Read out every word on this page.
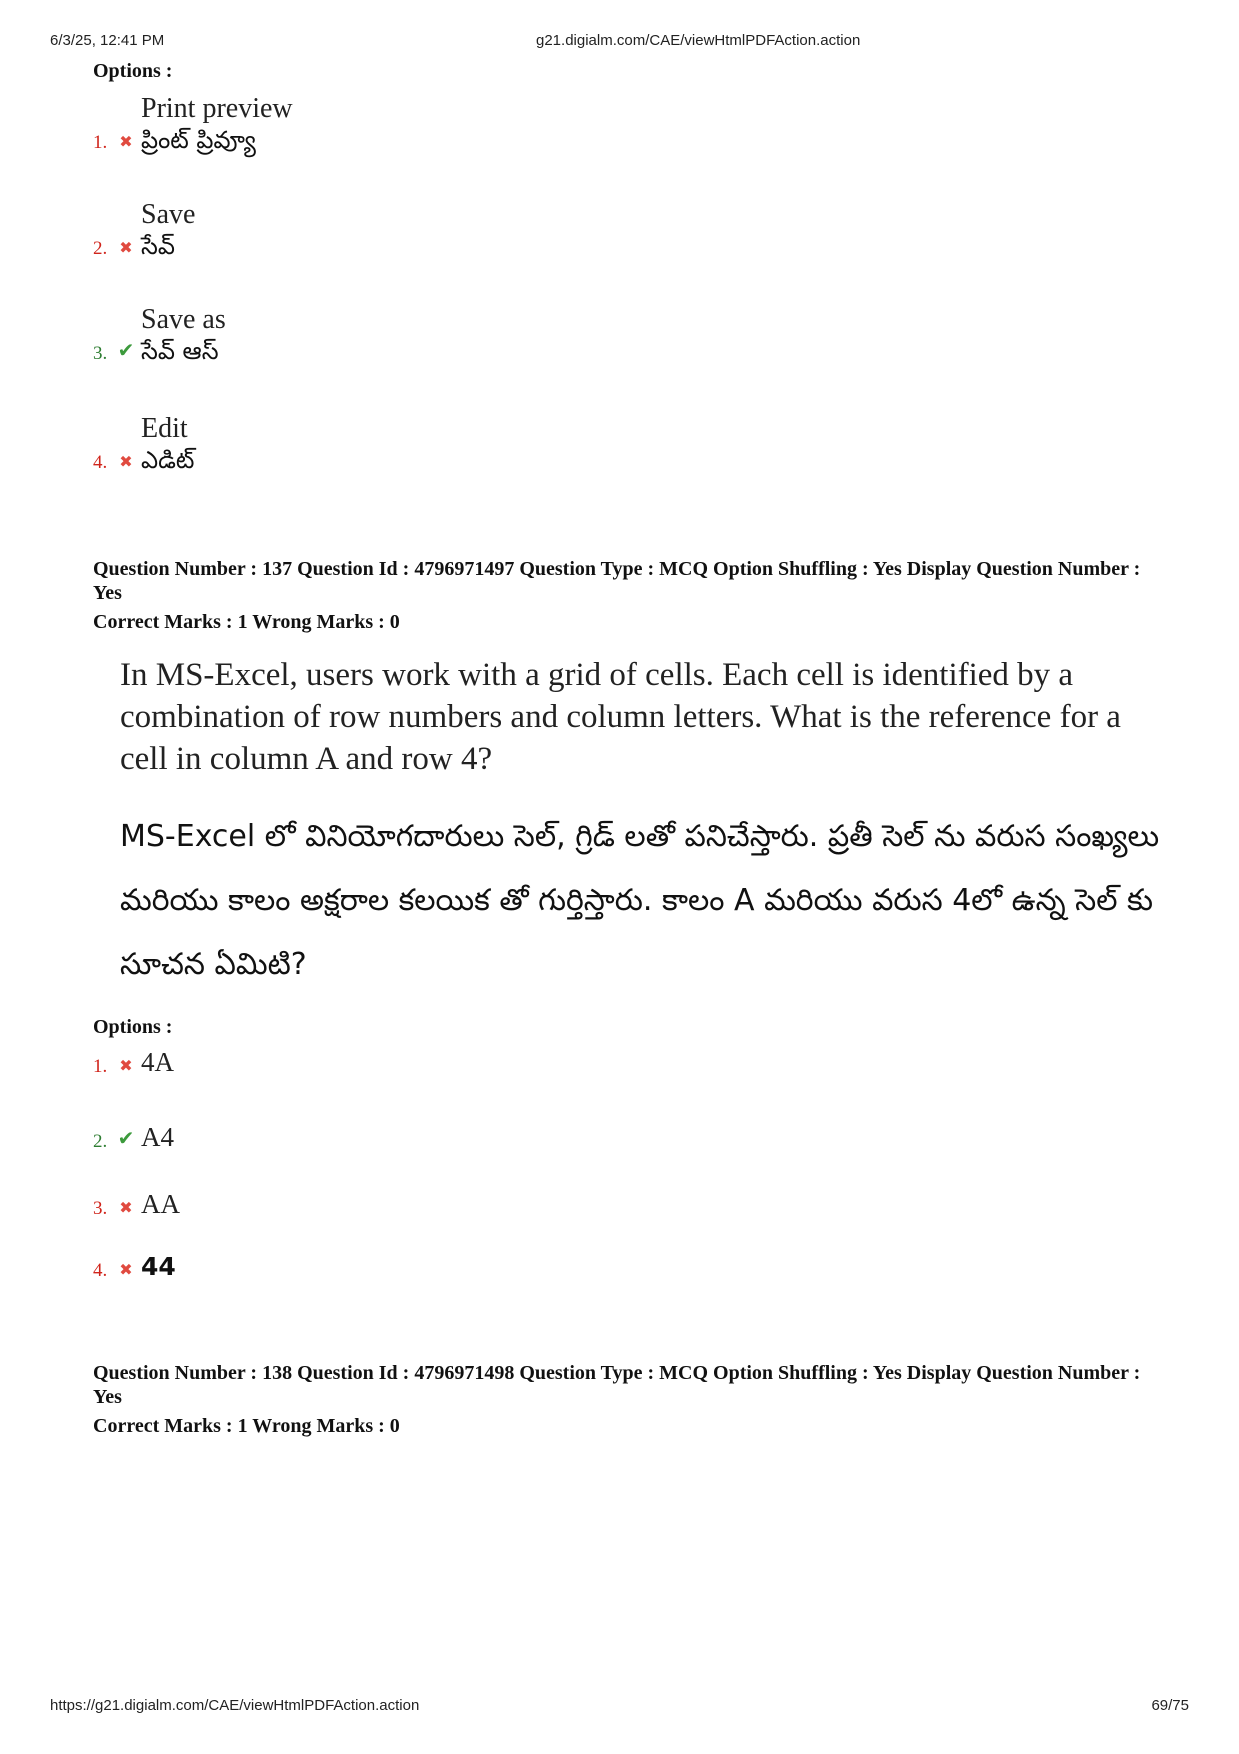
6/3/25, 12:41 PM	g21.digialm.com/CAE/viewHtmlPDFAction.action
Options :
1. ✖
Print preview
ప్రింట్ ప్రివ్యూ
2. ✖
Save
సేవ్
3. ✔
Save as
సేవ్ ఆస్
4. ✖
Edit
ఎడిట్
Question Number : 137 Question Id : 4796971497 Question Type : MCQ Option Shuffling : Yes Display Question Number : Yes
Correct Marks : 1 Wrong Marks : 0
In MS-Excel, users work with a grid of cells. Each cell is identified by a combination of row numbers and column letters. What is the reference for a cell in column A and row 4?
MS-Excel లో వినియోగదారులు సెల్, గ్రిడ్ లతో పనిచేస్తారు. ప్రతీ సెల్ ను వరుస సంఖ్యలు మరియు కాలం అక్షరాల కలయిక తో గుర్తిస్తారు. కాలం A మరియు వరుస 4లో ఉన్న సెల్ కు సూచన ఏమిటి?
Options :
1. ✖ 4A
2. ✔ A4
3. ✖ AA
4. ✖ 44
Question Number : 138 Question Id : 4796971498 Question Type : MCQ Option Shuffling : Yes Display Question Number : Yes
Correct Marks : 1 Wrong Marks : 0
https://g21.digialm.com/CAE/viewHtmlPDFAction.action	69/75
